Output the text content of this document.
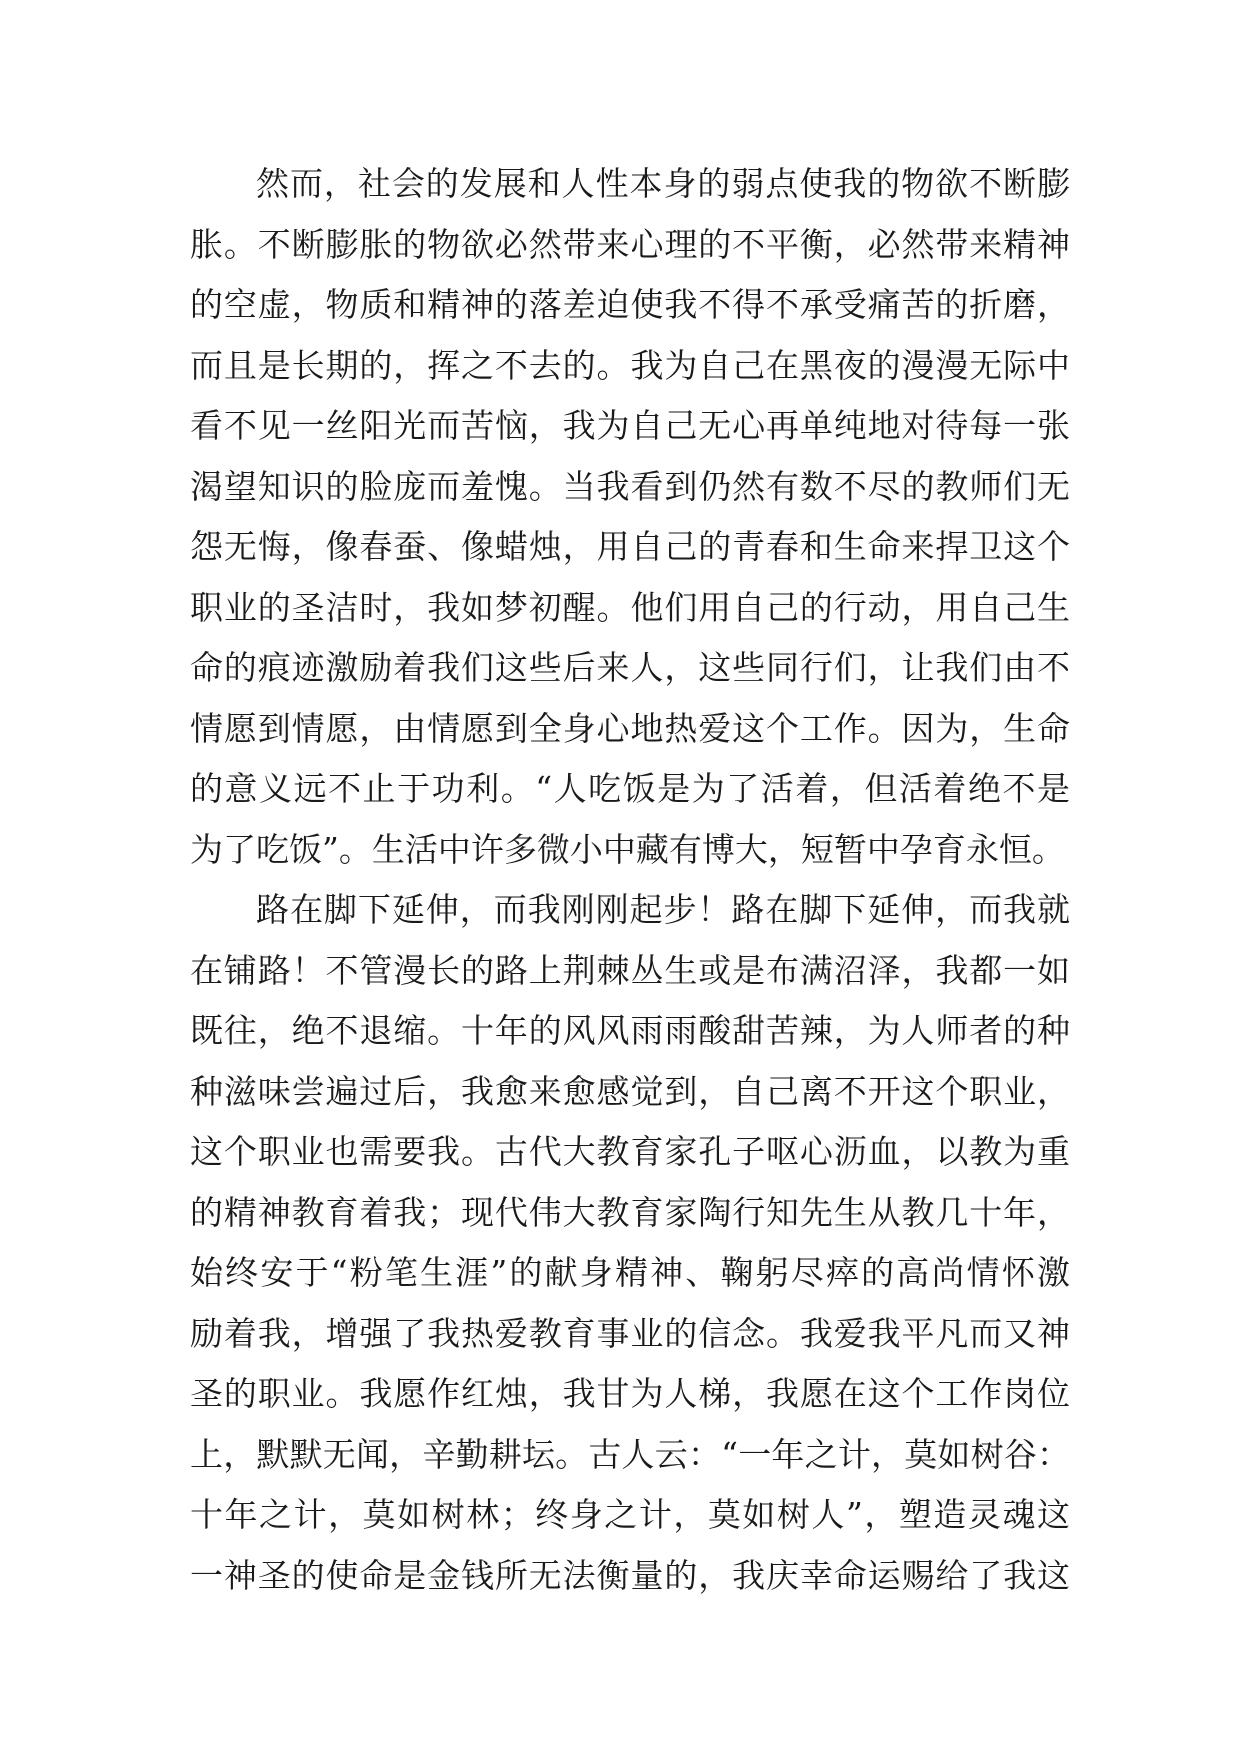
然而，社会的发展和人性本身的弱点使我的物欲不断膨
胀。不断膨胀的物欲必然带来心理的不平衡，必然带来精神
的空虚，物质和精神的落差迫使我不得不承受痛苦的折磨，
而且是长期的，挥之不去的。我为自己在黑夜的漫漫无际中
看不见一丝阳光而苦恼，我为自己无心再单纯地对待每一张
渴望知识的脸庞而羞愧。当我看到仍然有数不尽的教师们无
怨无悔，像春蚕、像蜡烛，用自己的青春和生命来捍卫这个
职业的圣洁时，我如梦初醒。他们用自己的行动，用自己生
命的痕迹激励着我们这些后来人，这些同行们，让我们由不
情愿到情愿，由情愿到全身心地热爱这个工作。因为，生命
的意义远不止于功利。“人吃饭是为了活着，但活着绝不是
为了吃饭”。生活中许多微小中藏有博大，短暂中孕育永恒。
路在脚下延伸，而我刚刚起步！路在脚下延伸，而我就
在铺路！不管漫长的路上荆棘丛生或是布满沼泽，我都一如
既往，绝不退缩。十年的风风雨雨酸甜苦辣，为人师者的种
种滋味尝遍过后，我愈来愈感觉到，自己离不开这个职业，
这个职业也需要我。古代大教育家孔子呕心沥血，以教为重
的精神教育着我；现代伟大教育家陶行知先生从教几十年，
始终安于“粉笔生涯”的献身精神、鞠躬尽瘁的高尚情怀激
励着我，增强了我热爱教育事业的信念。我爱我平凡而又神
圣的职业。我愿作红烛，我甘为人梯，我愿在这个工作岗位
上，默默无闻，辛勤耕坛。古人云：“一年之计，莫如树谷：
十年之计，莫如树林；终身之计，莫如树人”，塑造灵魂这
一神圣的使命是金钱所无法衡量的，我庆幸命运赐给了我这
